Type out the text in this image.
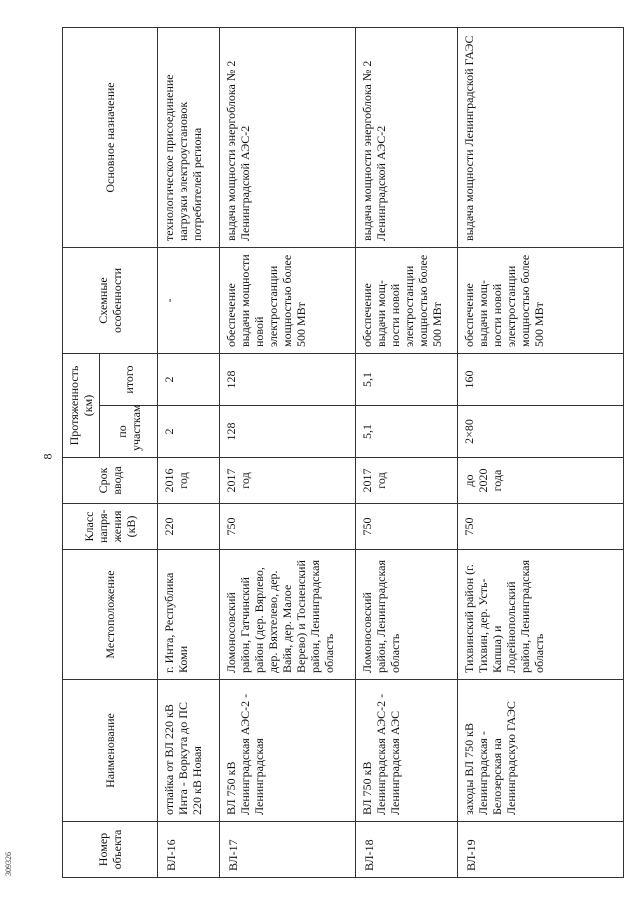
8
309326	Номер объекта	Наименование	Местоположение	Класс напря-жения (кВ)	Срок ввода	Протяженность (км)		Схемные особенности	Основное назначение
					по участкам	итого		
ВЛ-16	отпайка от ВЛ 220 кВ Инта - Воркута до ПС 220 кВ Новая	г. Инта, Республика Коми	220	2016 год	2	2	-	технологическое присоединение нагрузки электроустановок потребителей региона
ВЛ-17	ВЛ 750 кВ Ленинградская АЭС-2 - Ленинградская	Ломоносовский район, Гатчинский район (дер. Вярлево, дер. Вяхтелево, дер. Вайя, дер. Малое Верево) и Тосненский район, Ленинградская область	750	2017 год	128	128	обеспечение выдачи мощности новой электростанции мощностью более 500 МВт	выдача мощности энергоблока № 2 Ленинградской АЭС-2
ВЛ-18	ВЛ 750 кВ Ленинградская АЭС-2 - Ленинградская АЭС	Ломоносовский район, Ленинградская область	750	2017 год	5,1	5,1	обеспечение выдачи мощ-ности новой электростанции мощностью более 500 МВт	выдача мощности энергоблока № 2 Ленинградской АЭС-2
ВЛ-19	заходы ВЛ 750 кВ Ленинградская - Белозерская на Ленинградскую ГАЭС	Тихвинский район (г. Тихвин, дер. Усть-Капша) и Лодейнопольский район, Ленинградская область	750	до 2020 года	2×80	160	обеспечение выдачи мощ-ности новой электростанции мощностью более 500 МВт	выдача мощности Ленинградской ГАЭС
